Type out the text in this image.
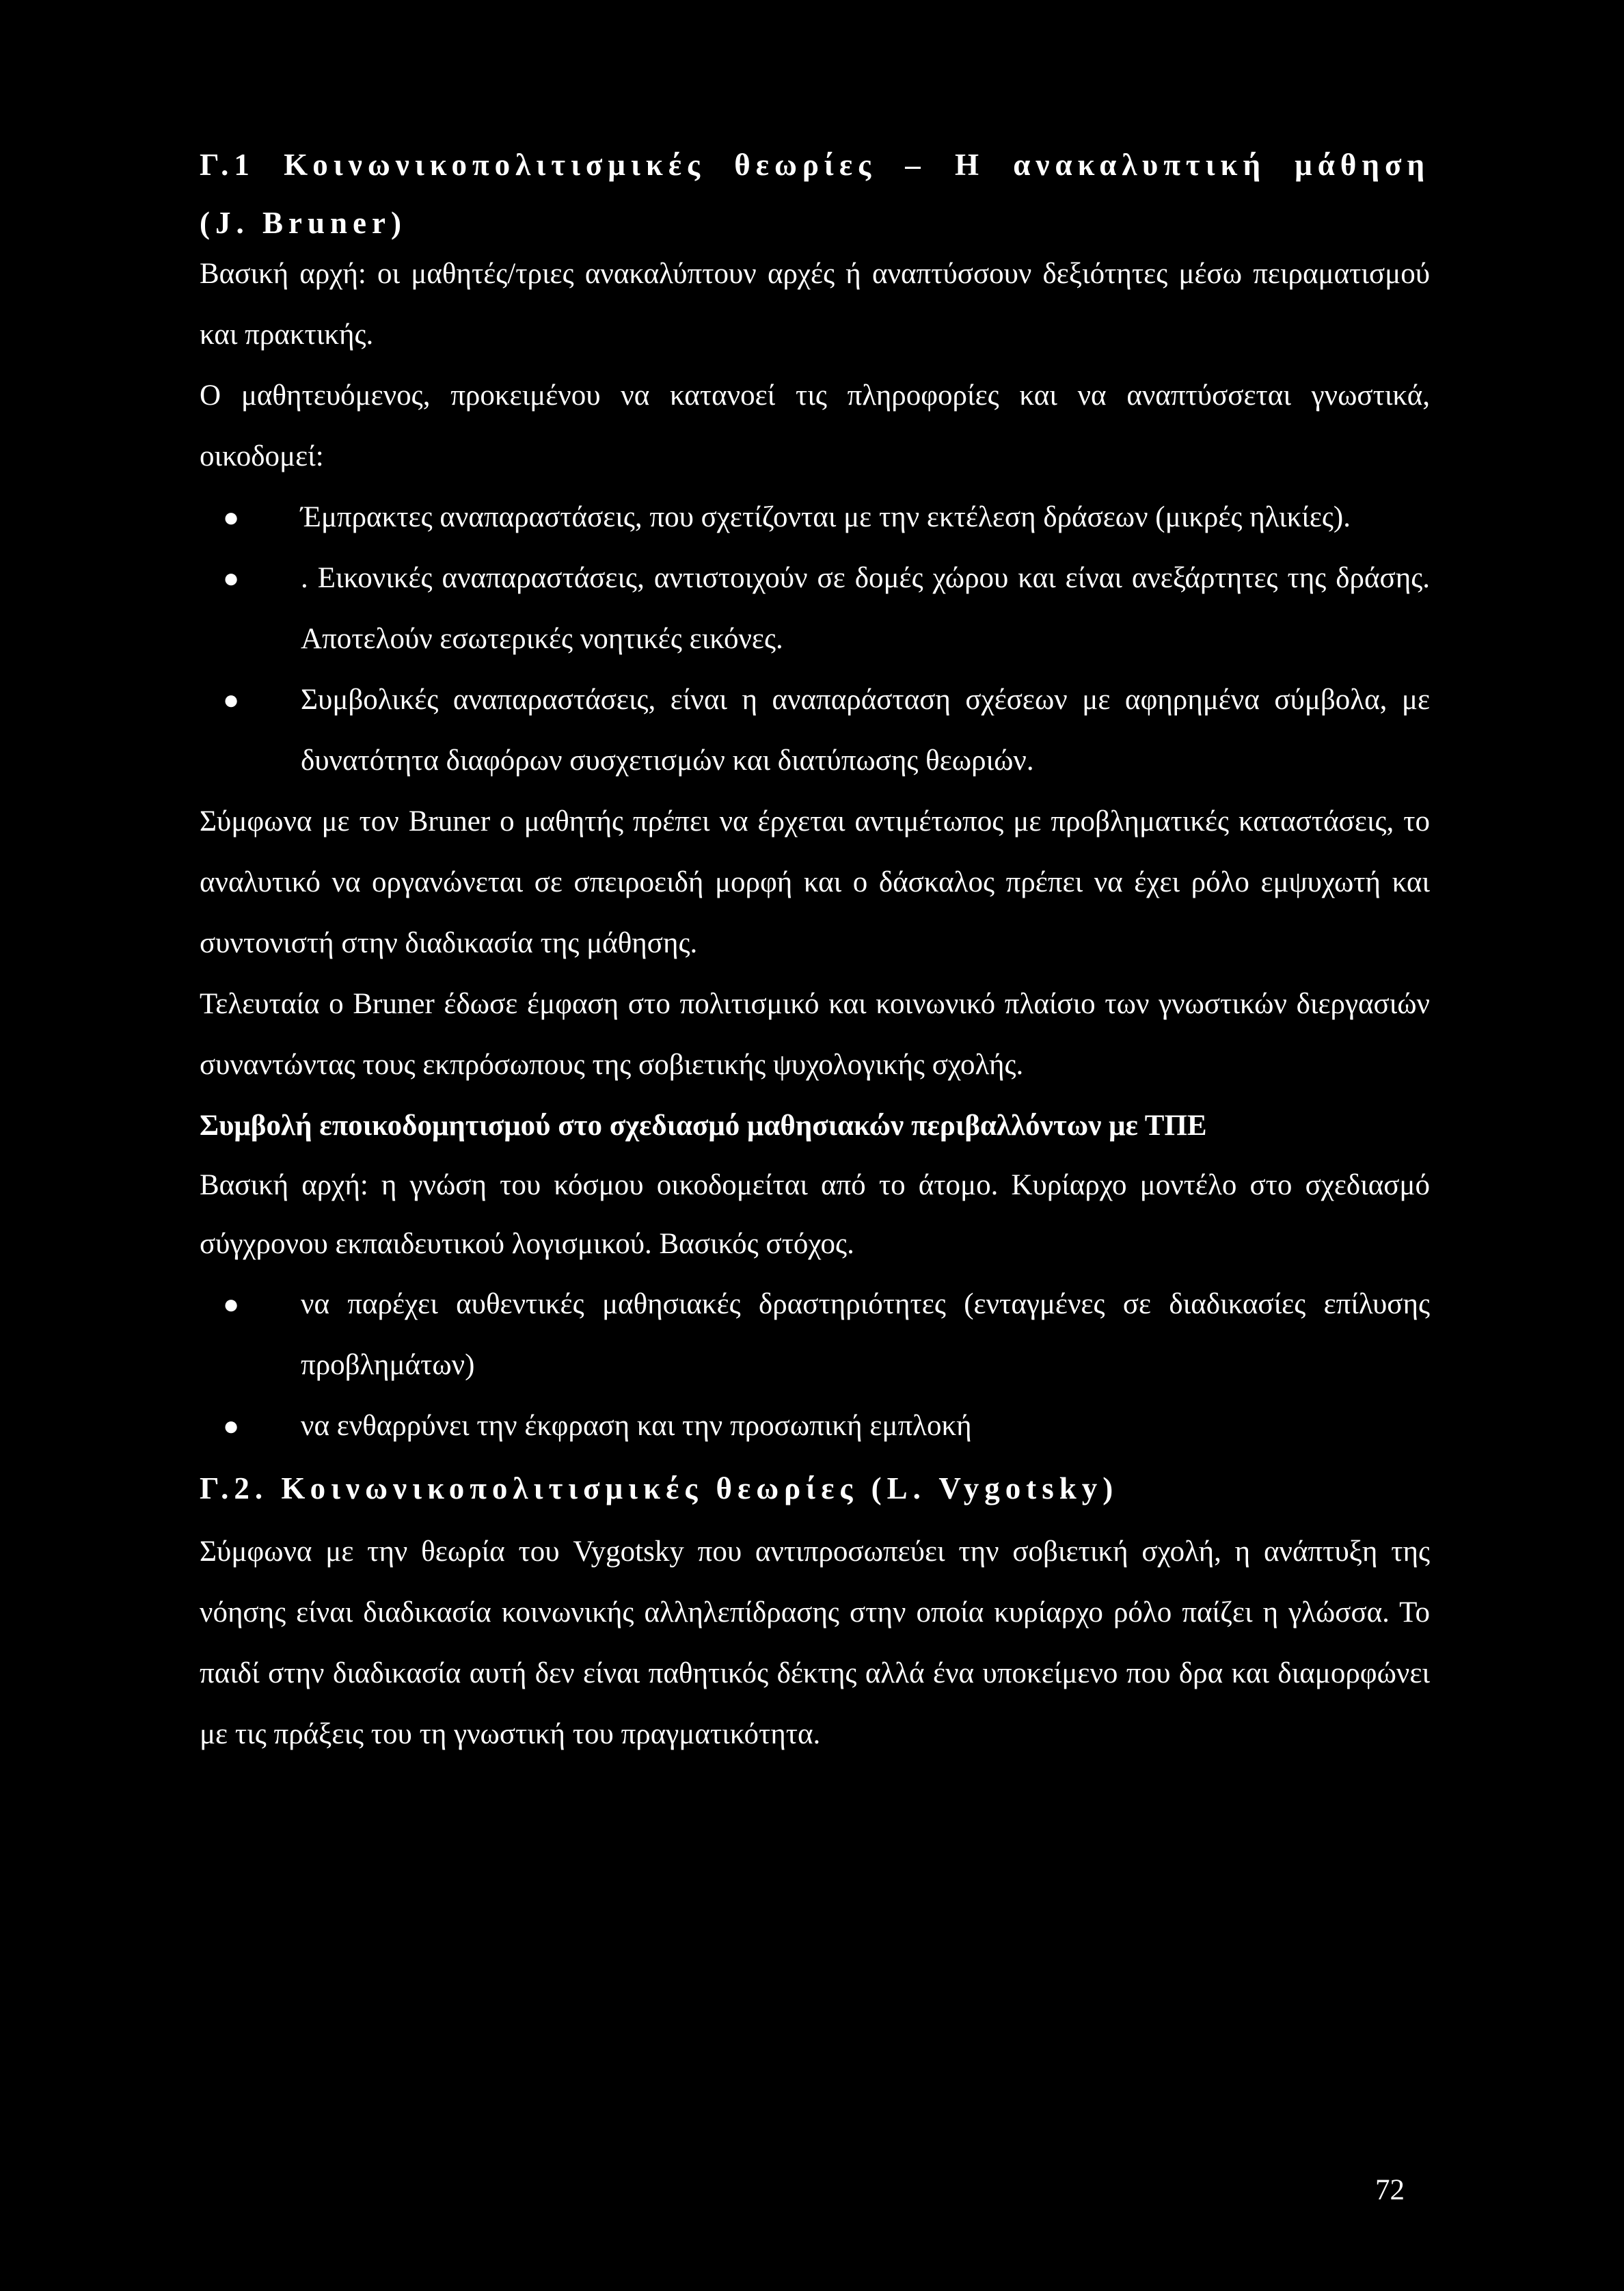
Γ.1 Κοινωνικοπολιτισμικές θεωρίες – Η ανακαλυπτική μάθηση
(J. Bruner)

Βασική αρχή: οι μαθητές/τριες ανακαλύπτουν αρχές ή αναπτύσσουν δεξιότητες μέσω πειραματισμού και πρακτικής.

Ο μαθητευόμενος, προκειμένου να κατανοεί τις πληροφορίες και να αναπτύσσεται γνωστικά, οικοδομεί:

● Έμπρακτες αναπαραστάσεις, που σχετίζονται με την εκτέλεση δράσεων (μικρές ηλικίες).
● . Εικονικές αναπαραστάσεις, αντιστοιχούν σε δομές χώρου και είναι ανεξάρτητες της δράσης. Αποτελούν εσωτερικές νοητικές εικόνες.
● Συμβολικές αναπαραστάσεις, είναι η αναπαράσταση σχέσεων με αφηρημένα σύμβολα, με δυνατότητα διαφόρων συσχετισμών και διατύπωσης θεωριών.

Σύμφωνα με τον Bruner ο μαθητής πρέπει να έρχεται αντιμέτωπος με προβληματικές καταστάσεις, το αναλυτικό να οργανώνεται σε σπειροειδή μορφή και ο δάσκαλος πρέπει να έχει ρόλο εμψυχωτή και συντονιστή στην διαδικασία της μάθησης.

Τελευταία ο Bruner έδωσε έμφαση στο πολιτισμικό και κοινωνικό πλαίσιο των γνωστικών διεργασιών συναντώντας τους εκπρόσωπους της σοβιετικής ψυχολογικής σχολής.

Συμβολή εποικοδομητισμού στο σχεδιασμό μαθησιακών περιβαλλόντων με ΤΠΕ

Βασική αρχή: η γνώση του κόσμου οικοδομείται από το άτομο. Κυρίαρχο μοντέλο στο σχεδιασμό σύγχρονου εκπαιδευτικού λογισμικού. Βασικός στόχος.

● να παρέχει αυθεντικές μαθησιακές δραστηριότητες (ενταγμένες σε διαδικασίες επίλυσης προβλημάτων)
● να ενθαρρύνει την έκφραση και την προσωπική εμπλοκή
Γ.2. Κοινωνικοπολιτισμικές θεωρίες (L. Vygotsky)

Σύμφωνα με την θεωρία του Vygotsky που αντιπροσωπεύει την σοβιετική σχολή, η ανάπτυξη της νόησης είναι διαδικασία κοινωνικής αλληλεπίδρασης στην οποία κυρίαρχο ρόλο παίζει η γλώσσα. Το παιδί στην διαδικασία αυτή δεν είναι παθητικός δέκτης αλλά ένα υποκείμενο που δρα και διαμορφώνει με τις πράξεις του τη γνωστική του πραγματικότητα.

72
